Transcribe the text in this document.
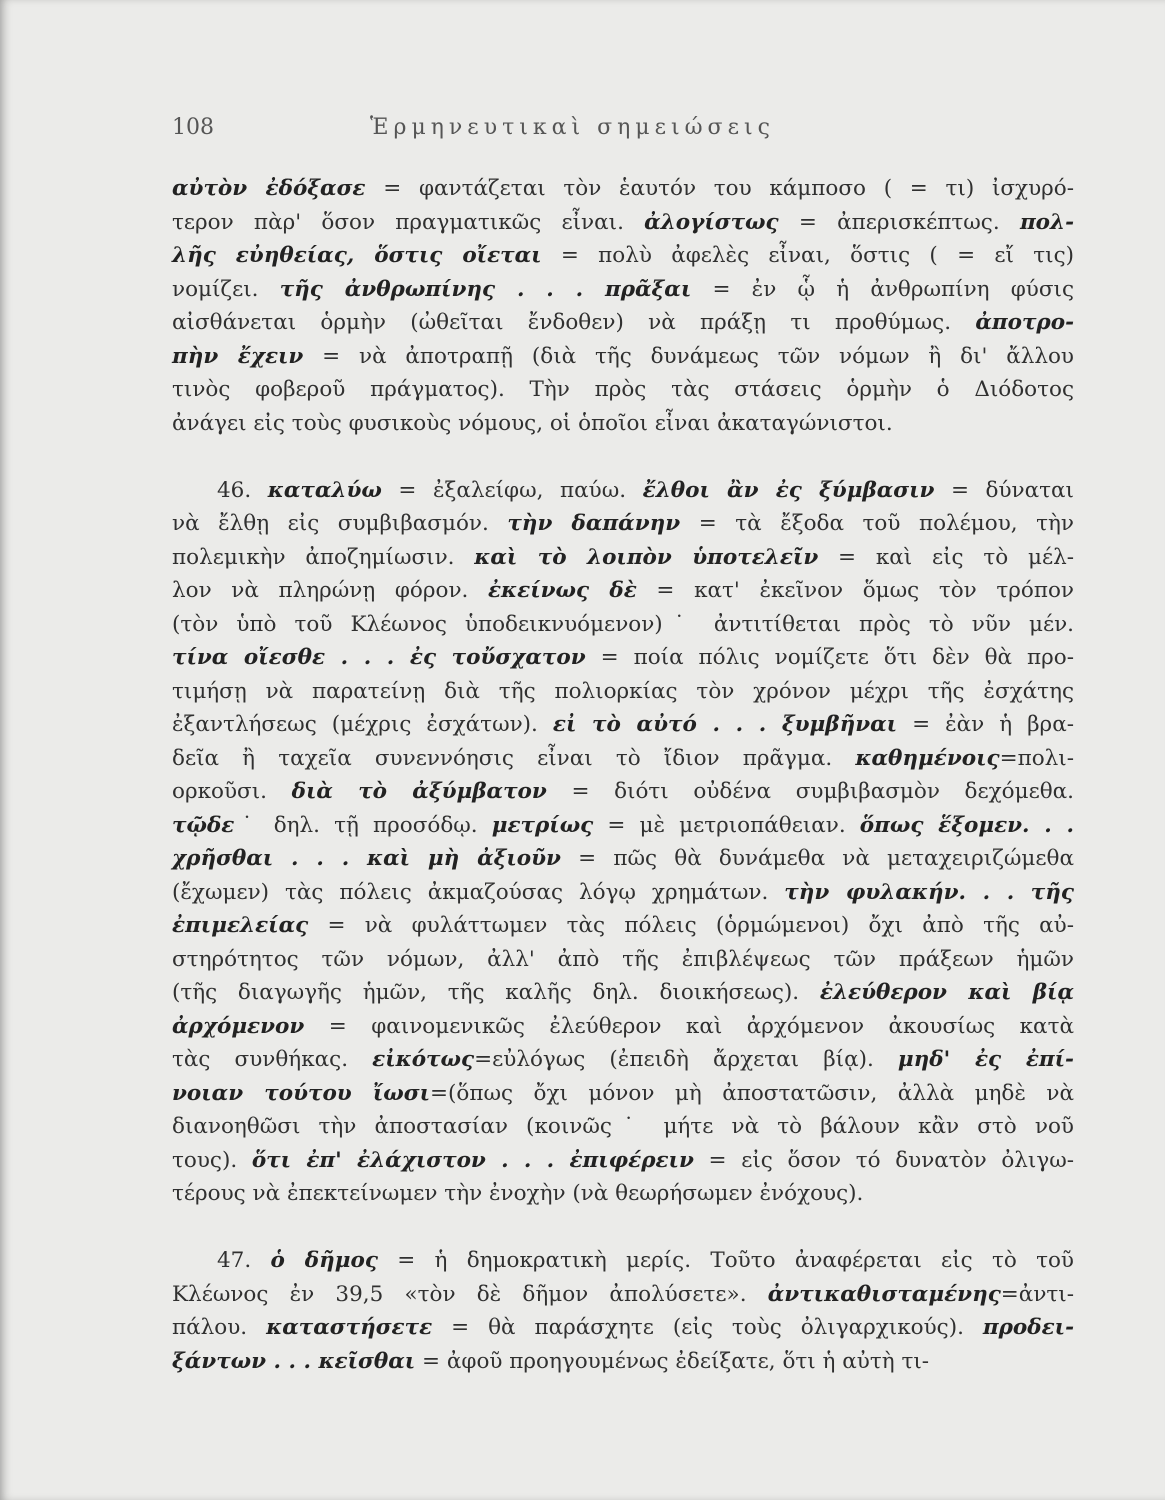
108	Ἑρμηνευτικαὶ σημειώσεις
αὐτὸν ἐδόξασε = φαντάζεται τὸν ἑαυτόν του κάμποσο ( = τι) ἰσχυρό-
τερον πὰρ' ὅσον πραγματικῶς εἶναι. ἀλογίστως = ἀπερισκέπτως. πολ-
λῆς εὐηθείας, ὅστις οἴεται = πολὺ ἀφελὲς εἶναι, ὅστις ( = εἴ τις)
νομίζει. τῆς ἀνθρωπίνης . . . πρᾶξαι = ἐν ᾧ ἡ ἀνθρωπίνη φύσις
αἰσθάνεται ὁρμὴν (ὠθεῖται ἔνδοθεν) νὰ πράξῃ τι προθύμως. ἀποτρο-
πὴν ἔχειν = νὰ ἀποτραπῇ (διὰ τῆς δυνάμεως τῶν νόμων ἢ δι' ἄλλου
τινὸς φοβεροῦ πράγματος). Τὴν πρὸς τὰς στάσεις ὁρμὴν ὁ Διόδοτος
ἀνάγει εἰς τοὺς φυσικοὺς νόμους, οἱ ὁποῖοι εἶναι ἀκαταγώνιστοι.
46. καταλύω = ἐξαλείφω, παύω. ἔλθοι ἂν ἐς ξύμβασιν = δύναται
νὰ ἔλθῃ εἰς συμβιβασμόν. τὴν δαπάνην = τὰ ἔξοδα τοῦ πολέμου, τὴν
πολεμικὴν ἀποζημίωσιν. καὶ τὸ λοιπὸν ὑποτελεῖν = καὶ εἰς τὸ μέλ-
λον νὰ πληρώνῃ φόρον. ἐκείνως δὲ = κατ' ἐκεῖνον ὅμως τὸν τρόπον
(τὸν ὑπὸ τοῦ Κλέωνος ὑποδεικνυόμενον)˙ ἀντιτίθεται πρὸς τὸ νῦν μέν.
τίνα οἴεσθε . . . ἐς τοὔσχατον = ποία πόλις νομίζετε ὅτι δὲν θὰ προ-
τιμήσῃ νὰ παρατείνῃ διὰ τῆς πολιορκίας τὸν χρόνον μέχρι τῆς ἐσχάτης
ἐξαντλήσεως (μέχρις ἐσχάτων). εἰ τὸ αὐτό . . . ξυμβῆναι = ἐὰν ἡ βρα-
δεῖα ἢ ταχεῖα συνεννόησις εἶναι τὸ ἴδιον πρᾶγμα. καθημένοις=πολι-
ορκοῦσι. διὰ τὸ ἀξύμβατον = διότι οὐδένα συμβιβασμὸν δεχόμεθα.
τῷδε˙ δηλ. τῇ προσόδῳ. μετρίως = μὲ μετριοπάθειαν. ὅπως ἕξομεν. . .
χρῆσθαι . . . καὶ μὴ ἀξιοῦν = πῶς θὰ δυνάμεθα νὰ μεταχειριζώμεθα
(ἔχωμεν) τὰς πόλεις ἀκμαζούσας λόγῳ χρημάτων. τὴν φυλακήν. . . τῆς
ἐπιμελείας = νὰ φυλάττωμεν τὰς πόλεις (ὁρμώμενοι) ὄχι ἀπὸ τῆς αὐ-
στηρότητος τῶν νόμων, ἀλλ' ἀπὸ τῆς ἐπιβλέψεως τῶν πράξεων ἡμῶν
(τῆς διαγωγῆς ἡμῶν, τῆς καλῆς δηλ. διοικήσεως). ἐλεύθερον καὶ βίᾳ
ἀρχόμενον = φαινομενικῶς ἐλεύθερον καὶ ἀρχόμενον ἀκουσίως κατὰ
τὰς συνθήκας. εἰκότως=εὐλόγως (ἐπειδὴ ἄρχεται βίᾳ). μηδ' ἐς ἐπί-
νοιαν τούτου ἴωσι=(ὅπως ὄχι μόνον μὴ ἀποστατῶσιν, ἀλλὰ μηδὲ νὰ
διανοηθῶσι τὴν ἀποστασίαν (κοινῶς˙ μήτε νὰ τὸ βάλουν κἂν στὸ νοῦ
τους). ὅτι ἐπ' ἐλάχιστον . . . ἐπιφέρειν = εἰς ὅσον τό δυνατὸν ὀλιγω-
τέρους νὰ ἐπεκτείνωμεν τὴν ἐνοχὴν (νὰ θεωρήσωμεν ἐνόχους).
47. ὁ δῆμος = ἡ δημοκρατικὴ μερίς. Τοῦτο ἀναφέρεται εἰς τὸ τοῦ
Κλέωνος ἐν 39,5 «τὸν δὲ δῆμον ἀπολύσετε». ἀντικαθισταμένης=ἀντι-
πάλου. καταστήσετε = θὰ παράσχητε (εἰς τοὺς ὀλιγαρχικούς). προδει-
ξάντων . . . κεῖσθαι = ἀφοῦ προηγουμένως ἐδείξατε, ὅτι ἡ αὐτὴ τι-
